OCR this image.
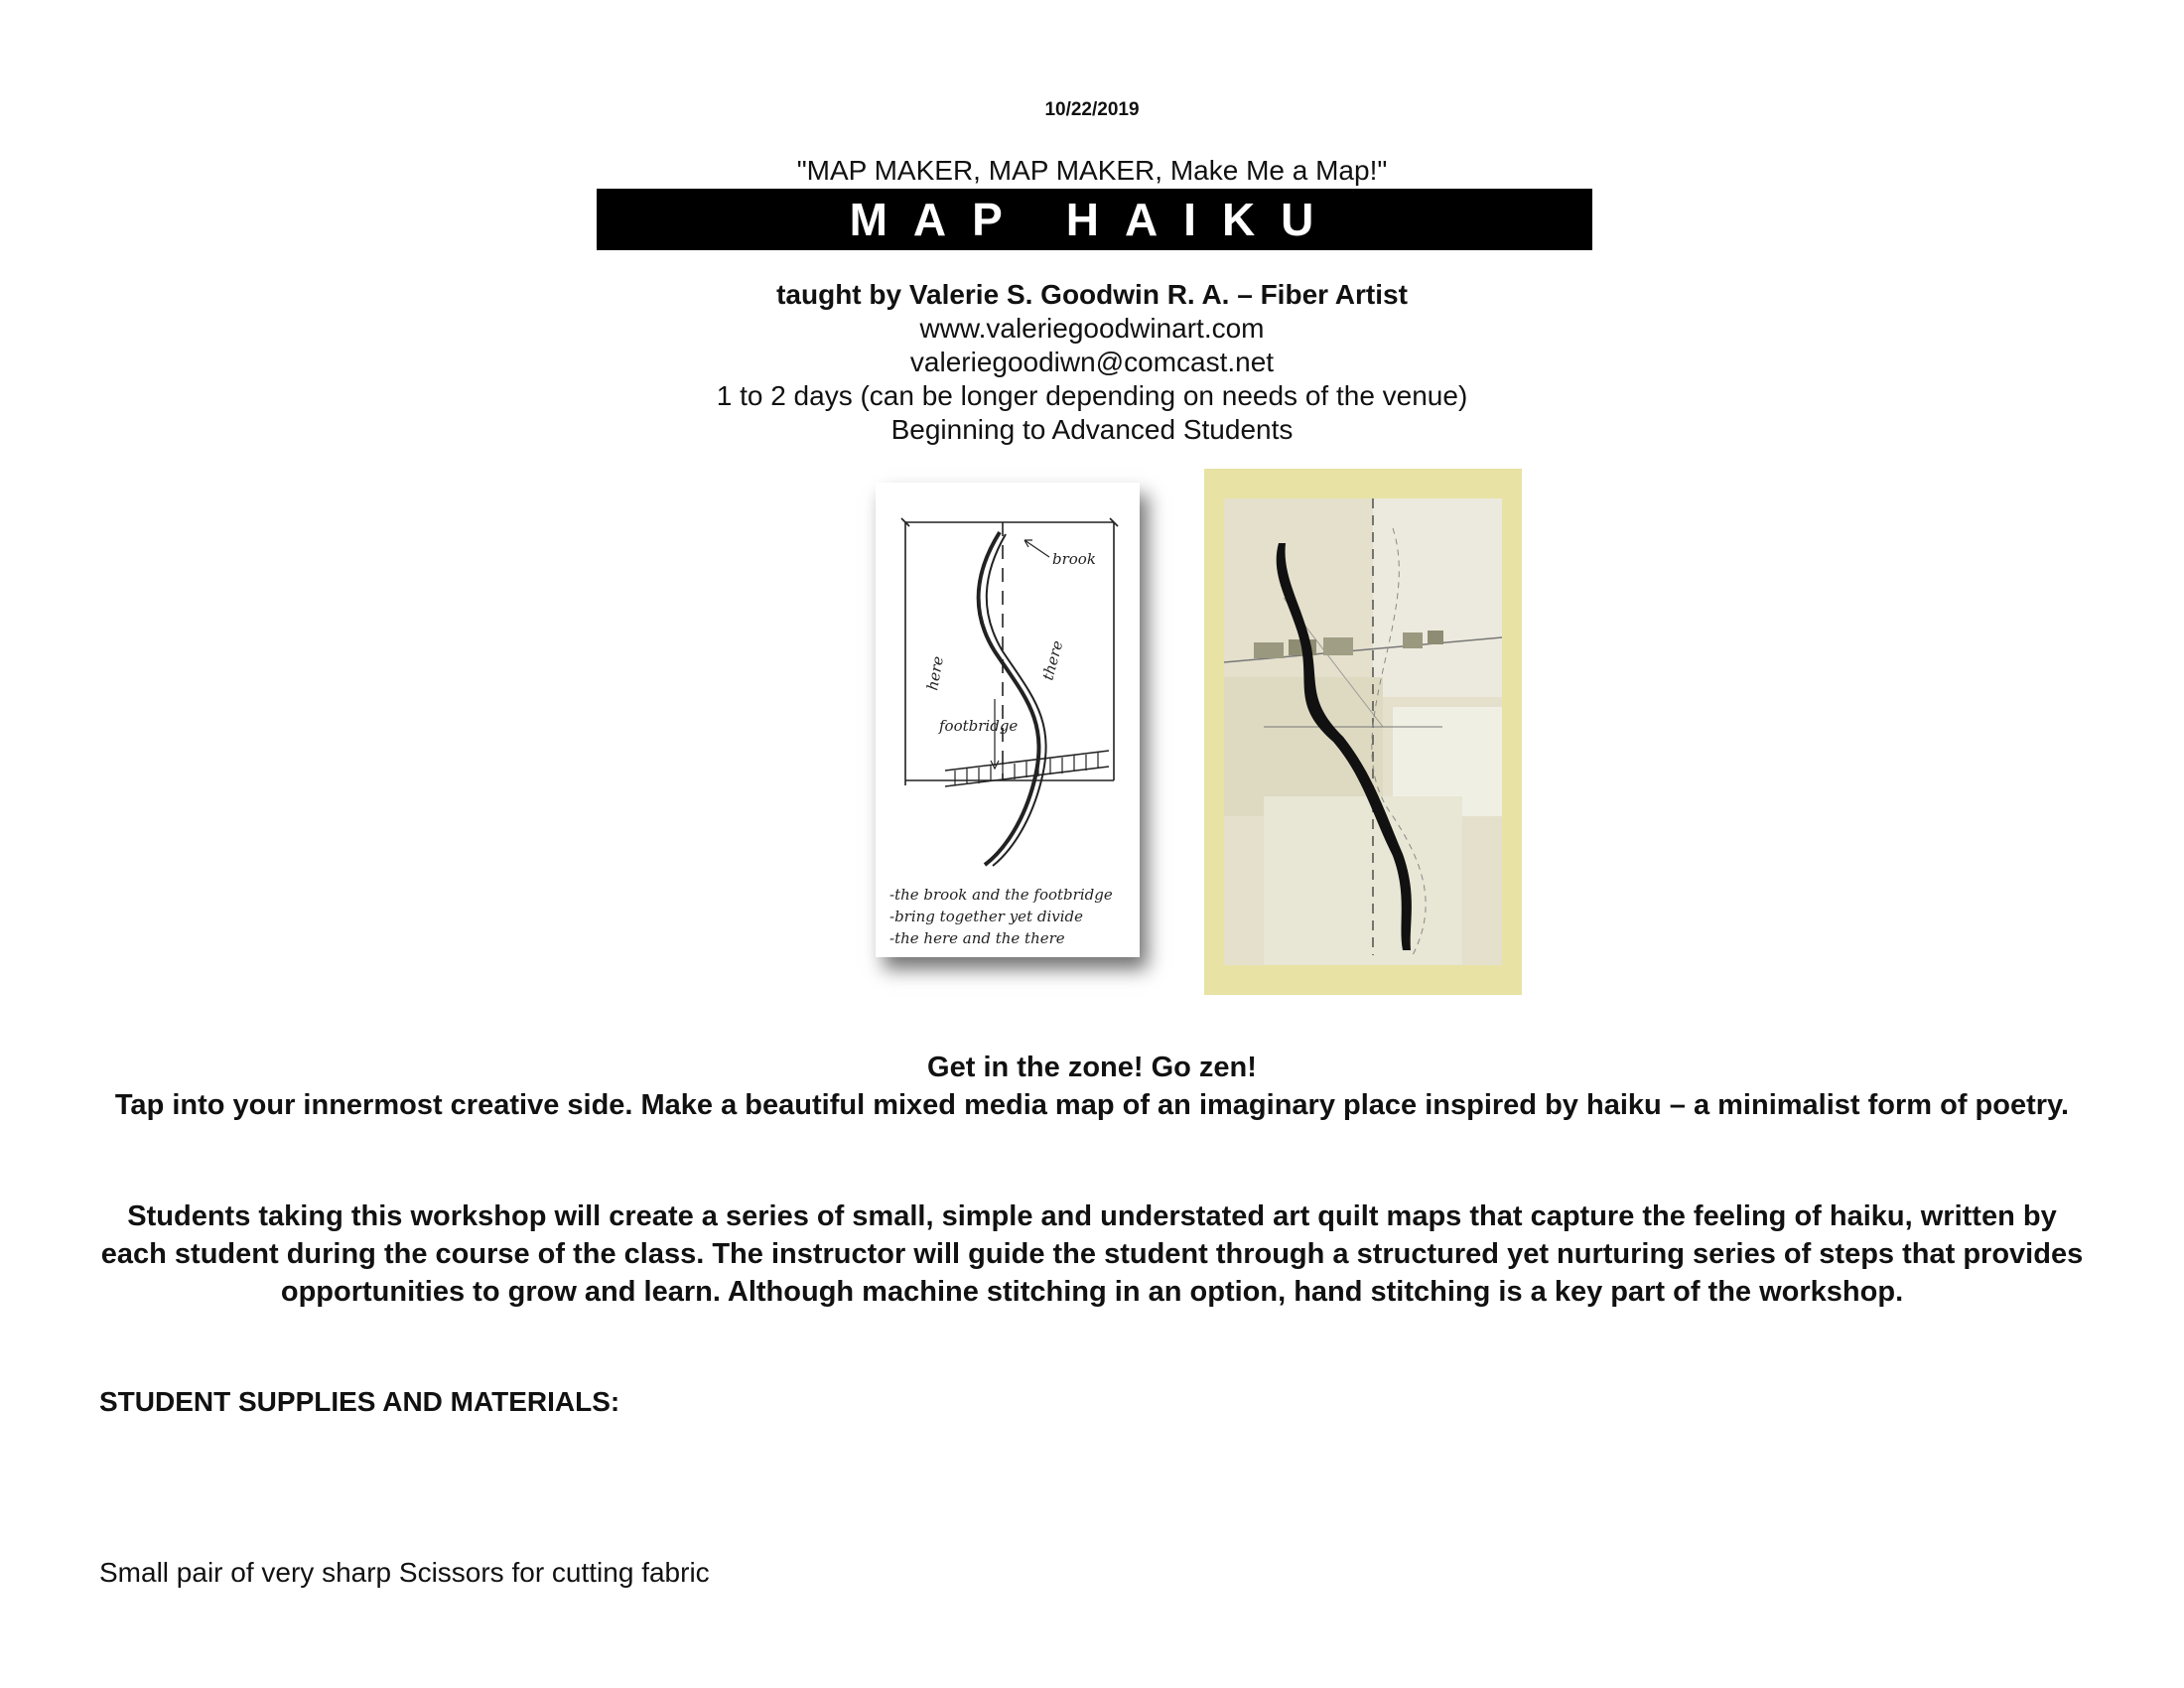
10/22/2019
"MAP MAKER, MAP MAKER, Make Me a Map!"
MAP HAIKU
taught by Valerie S. Goodwin R. A. – Fiber Artist
www.valeriegoodwinart.com
valeriegoodiwn@comcast.net
1 to 2 days (can be longer depending on needs of the venue)
Beginning to Advanced Students
brook
here	there
footbridge
-the brook and the footbridge
-bring together yet divide
-the here and the there
Get in the zone! Go zen!
Tap into your innermost creative side. Make a beautiful mixed media map of an imaginary place inspired by haiku – a minimalist form of poetry.
Students taking this workshop will create a series of small, simple and understated art quilt maps that capture the feeling of haiku, written by each student during the course of the class. The instructor will guide the student through a structured yet nurturing series of steps that provides opportunities to grow and learn. Although machine stitching in an option, hand stitching is a key part of the workshop.
STUDENT SUPPLIES AND MATERIALS:
Small pair of very sharp Scissors for cutting fabric
